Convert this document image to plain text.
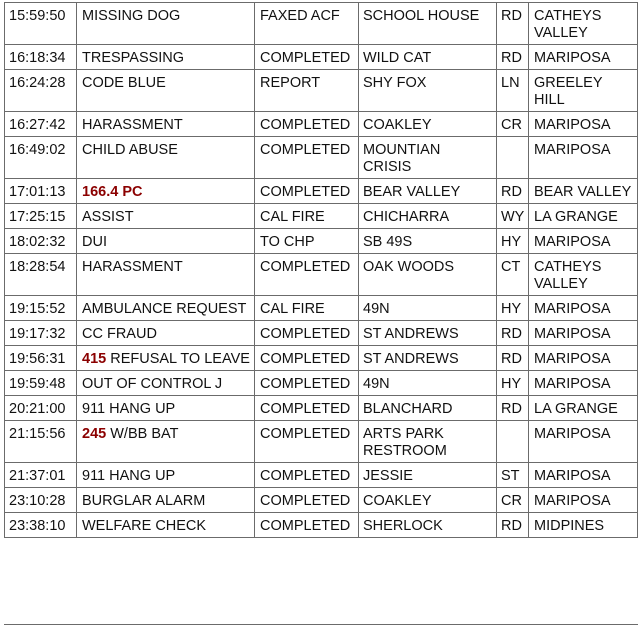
15:59:50	MISSING DOG	FAXED ACF	SCHOOL HOUSE	RD	CATHEYS VALLEY
16:18:34	TRESPASSING	COMPLETED	WILD CAT	RD	MARIPOSA
16:24:28	CODE BLUE	REPORT	SHY FOX	LN	GREELEY HILL
16:27:42	HARASSMENT	COMPLETED	COAKLEY	CR	MARIPOSA
16:49:02	CHILD ABUSE	COMPLETED	MOUNTIAN CRISIS		MARIPOSA
17:01:13	166.4 PC	COMPLETED	BEAR VALLEY	RD	BEAR VALLEY
17:25:15	ASSIST	CAL FIRE	CHICHARRA	WY	LA GRANGE
18:02:32	DUI	TO CHP	SB 49S	HY	MARIPOSA
18:28:54	HARASSMENT	COMPLETED	OAK WOODS	CT	CATHEYS VALLEY
19:15:52	AMBULANCE REQUEST	CAL FIRE	49N	HY	MARIPOSA
19:17:32	CC FRAUD	COMPLETED	ST ANDREWS	RD	MARIPOSA
19:56:31	415 REFUSAL TO LEAVE	COMPLETED	ST ANDREWS	RD	MARIPOSA
19:59:48	OUT OF CONTROL J	COMPLETED	49N	HY	MARIPOSA
20:21:00	911 HANG UP	COMPLETED	BLANCHARD	RD	LA GRANGE
21:15:56	245 W/BB BAT	COMPLETED	ARTS PARK RESTROOM		MARIPOSA
21:37:01	911 HANG UP	COMPLETED	JESSIE	ST	MARIPOSA
23:10:28	BURGLAR ALARM	COMPLETED	COAKLEY	CR	MARIPOSA
23:38:10	WELFARE CHECK	COMPLETED	SHERLOCK	RD	MIDPINES
